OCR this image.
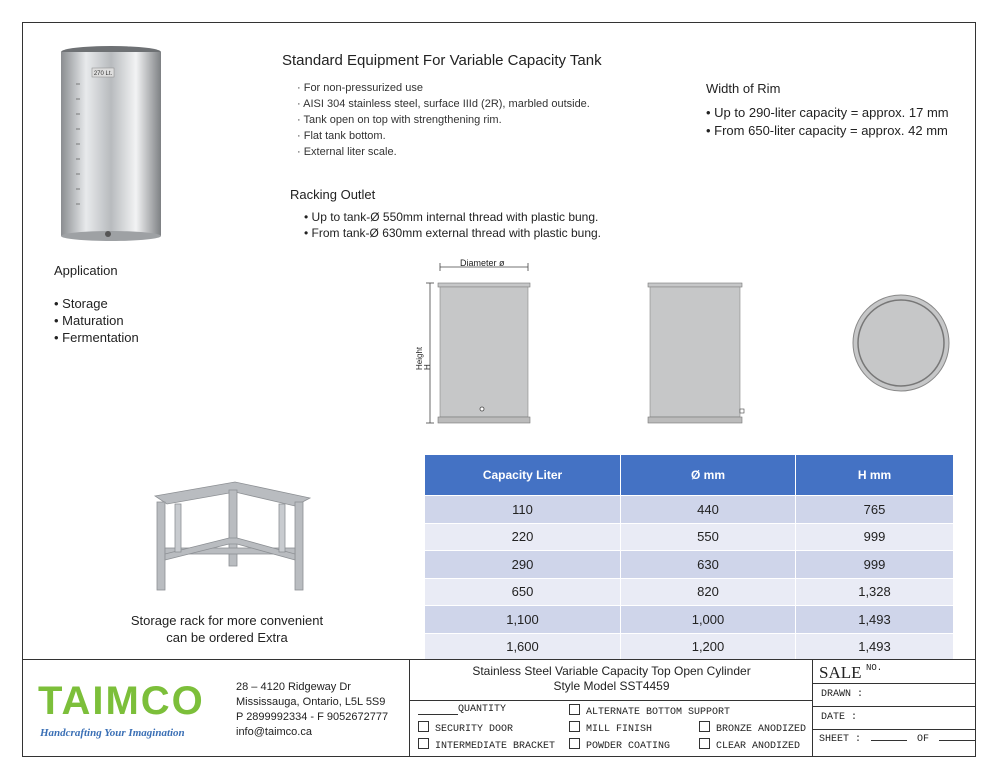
270 Lt.
Standard Equipment For Variable Capacity Tank
· For non-pressurized use
· AISI 304 stainless steel, surface IIId (2R), marbled outside.
· Tank open on top with strengthening rim.
· Flat tank bottom.
· External liter scale.
Width of Rim
• Up to 290-liter capacity = approx. 17 mm
• From 650-liter capacity = approx. 42 mm
Racking Outlet
• Up to tank-Ø 550mm internal thread with plastic bung.
• From tank-Ø 630mm external thread with plastic bung.
Application
• Storage
• Maturation
• Fermentation
Diameter ø
Height H
Capacity Liter	Ø mm	H mm
110	440	765
220	550	999
290	630	999
650	820	1,328
1,100	1,000	1,493
1,600	1,200	1,493
Storage rack for more convenient
can be ordered Extra
TAIMCO
Handcrafting Your Imagination
28 – 4120 Ridgeway Dr
Mississauga, Ontario, L5L 5S9
P 2899992334 - F 9052672777
info@taimco.ca
Stainless Steel Variable Capacity Top Open Cylinder
Style Model SST4459
QUANTITY
SECURITY DOOR
INTERMEDIATE BRACKET
ALTERNATE BOTTOM SUPPORT
MILL FINISH
POWDER COATING
BRONZE ANODIZED
CLEAR ANODIZED
SALE $^{NO.}$
DRAWN :
DATE :
SHEET :	OF
